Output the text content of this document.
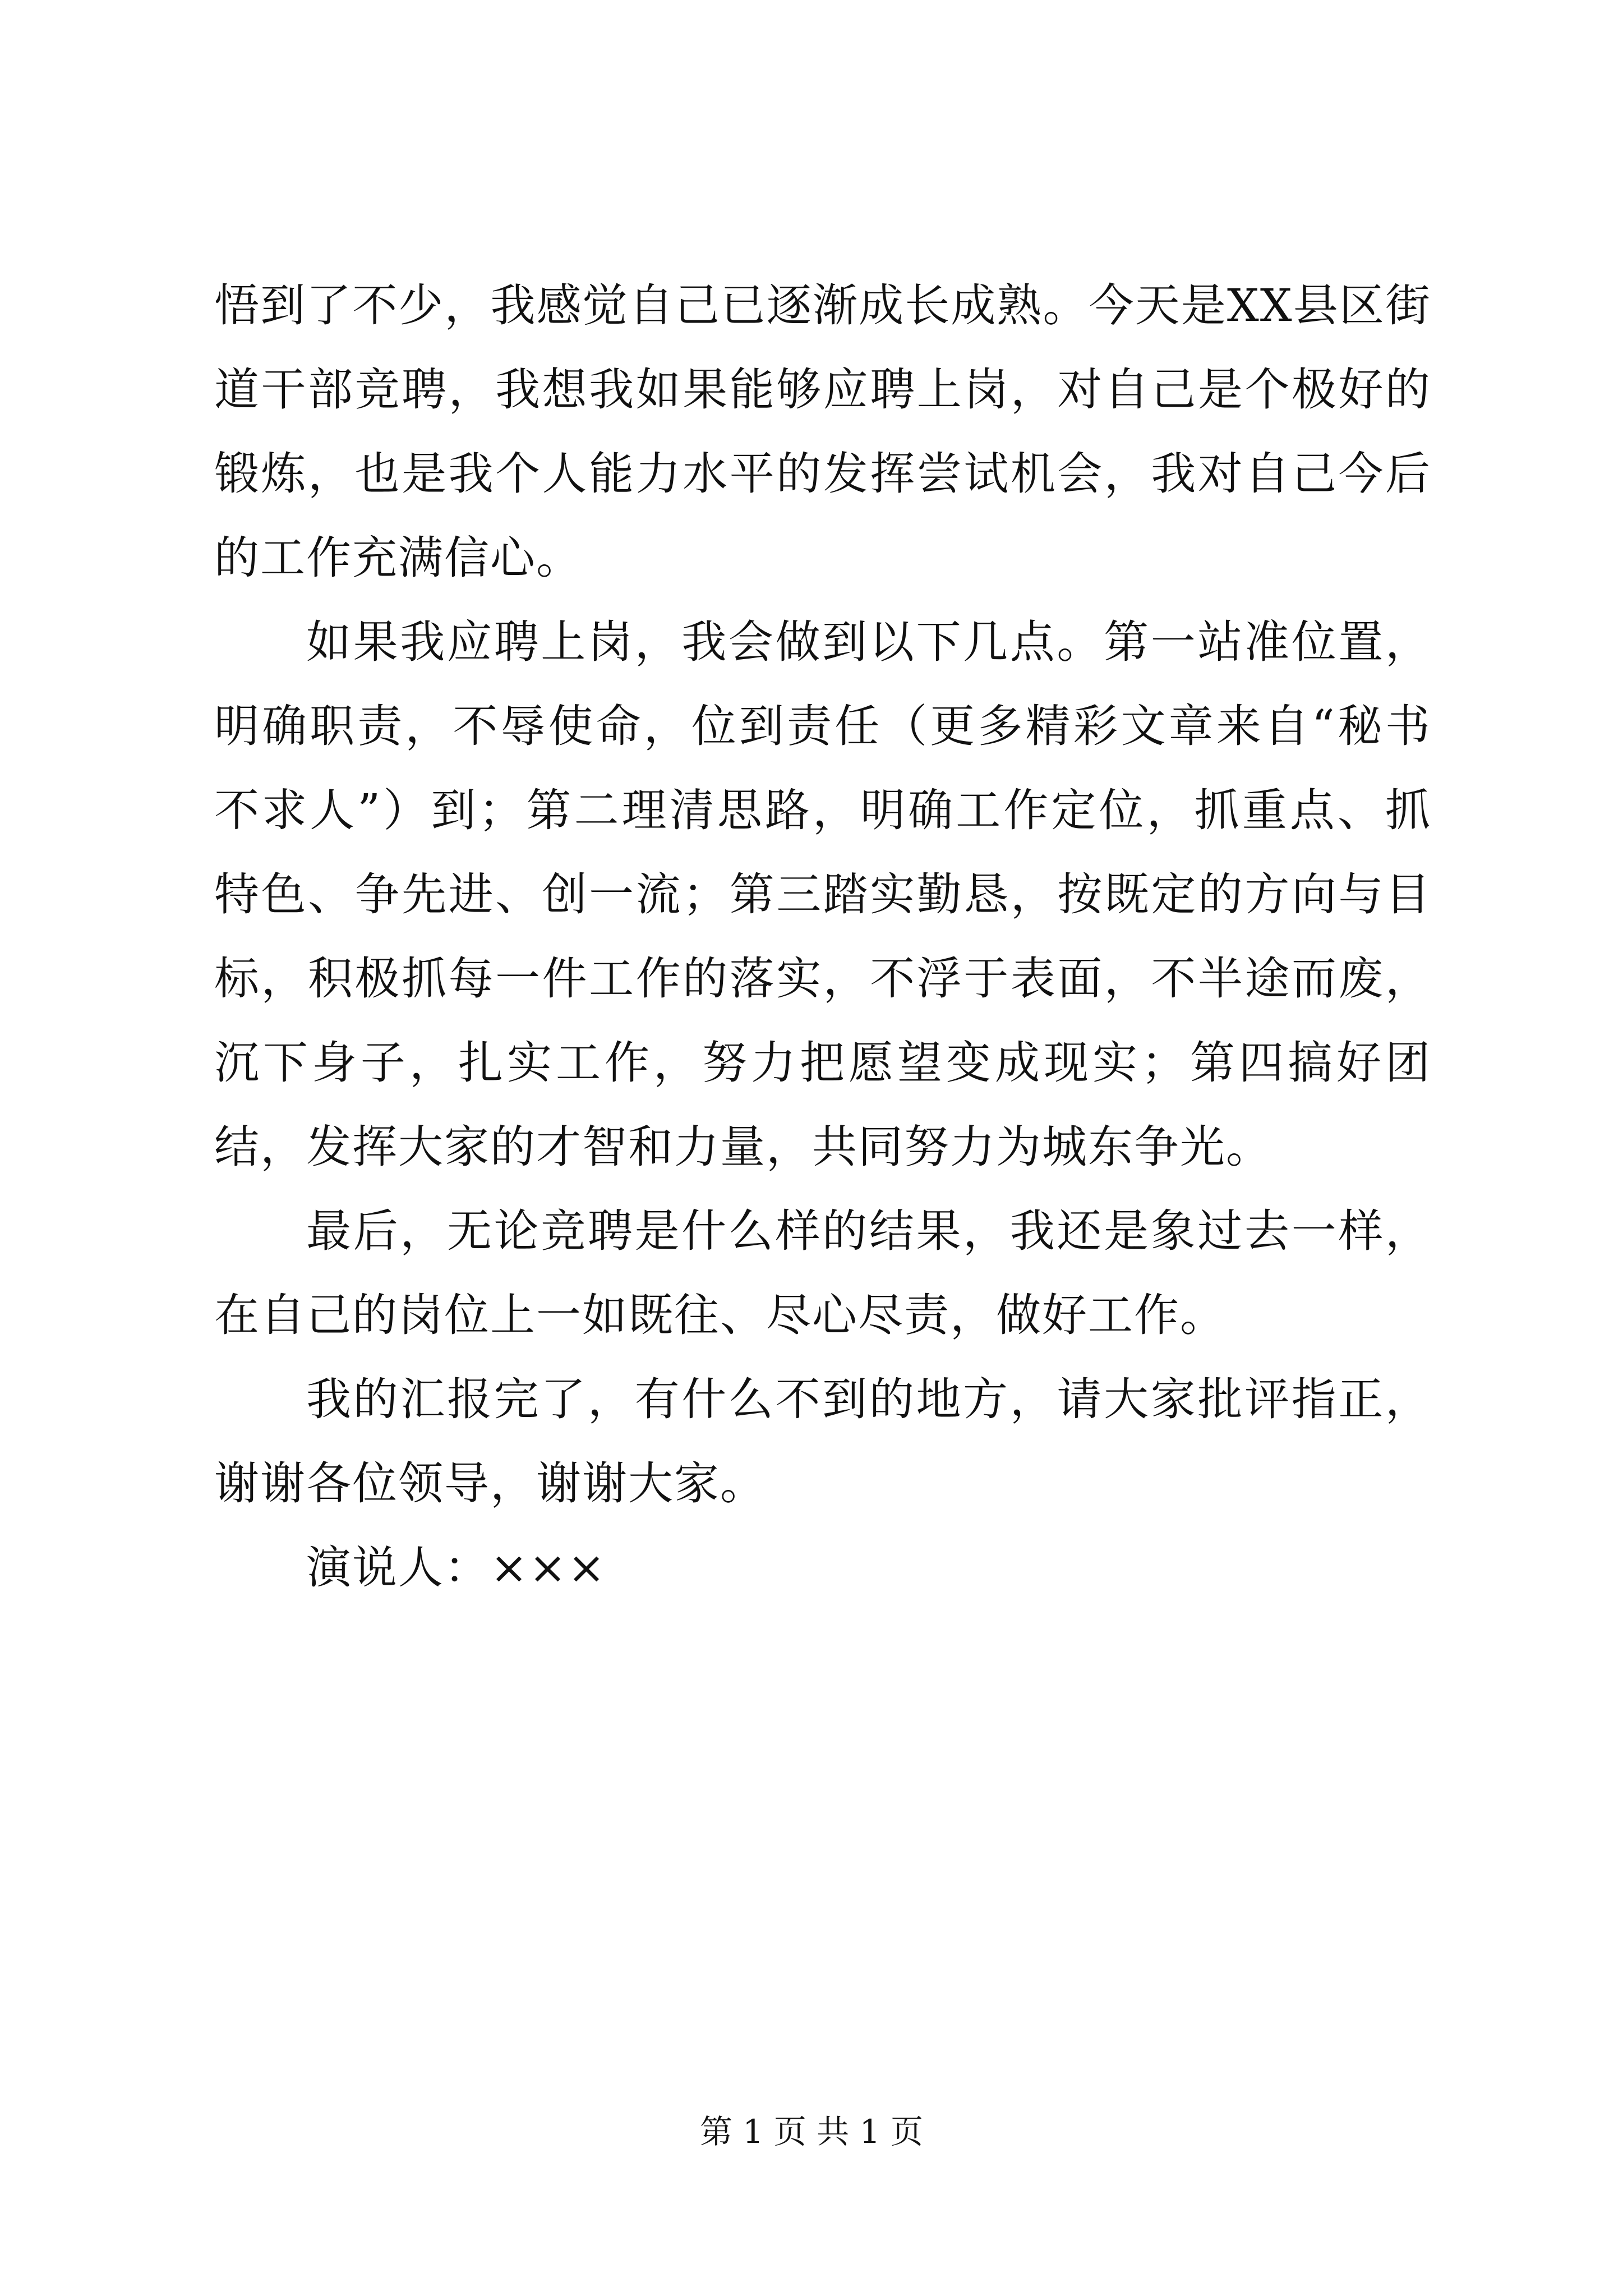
悟到了不少，我感觉自己已逐渐成长成熟。今天是XX县区街道干部竞聘，我想我如果能够应聘上岗，对自己是个极好的锻炼，也是我个人能力水平的发挥尝试机会，我对自己今后的工作充满信心。

如果我应聘上岗，我会做到以下几点。第一站准位置，明确职责，不辱使命，位到责任（更多精彩文章来自“秘书不求人”）到；第二理清思路，明确工作定位，抓重点、抓特色、争先进、创一流；第三踏实勤恳，按既定的方向与目标，积极抓每一件工作的落实，不浮于表面，不半途而废，沉下身子，扎实工作，努力把愿望变成现实；第四搞好团结，发挥大家的才智和力量，共同努力为城东争光。

最后，无论竞聘是什么样的结果，我还是象过去一样，在自己的岗位上一如既往、尽心尽责，做好工作。

我的汇报完了，有什么不到的地方，请大家批评指正，谢谢各位领导，谢谢大家。

演说人：×××

第 1 页 共 1 页
